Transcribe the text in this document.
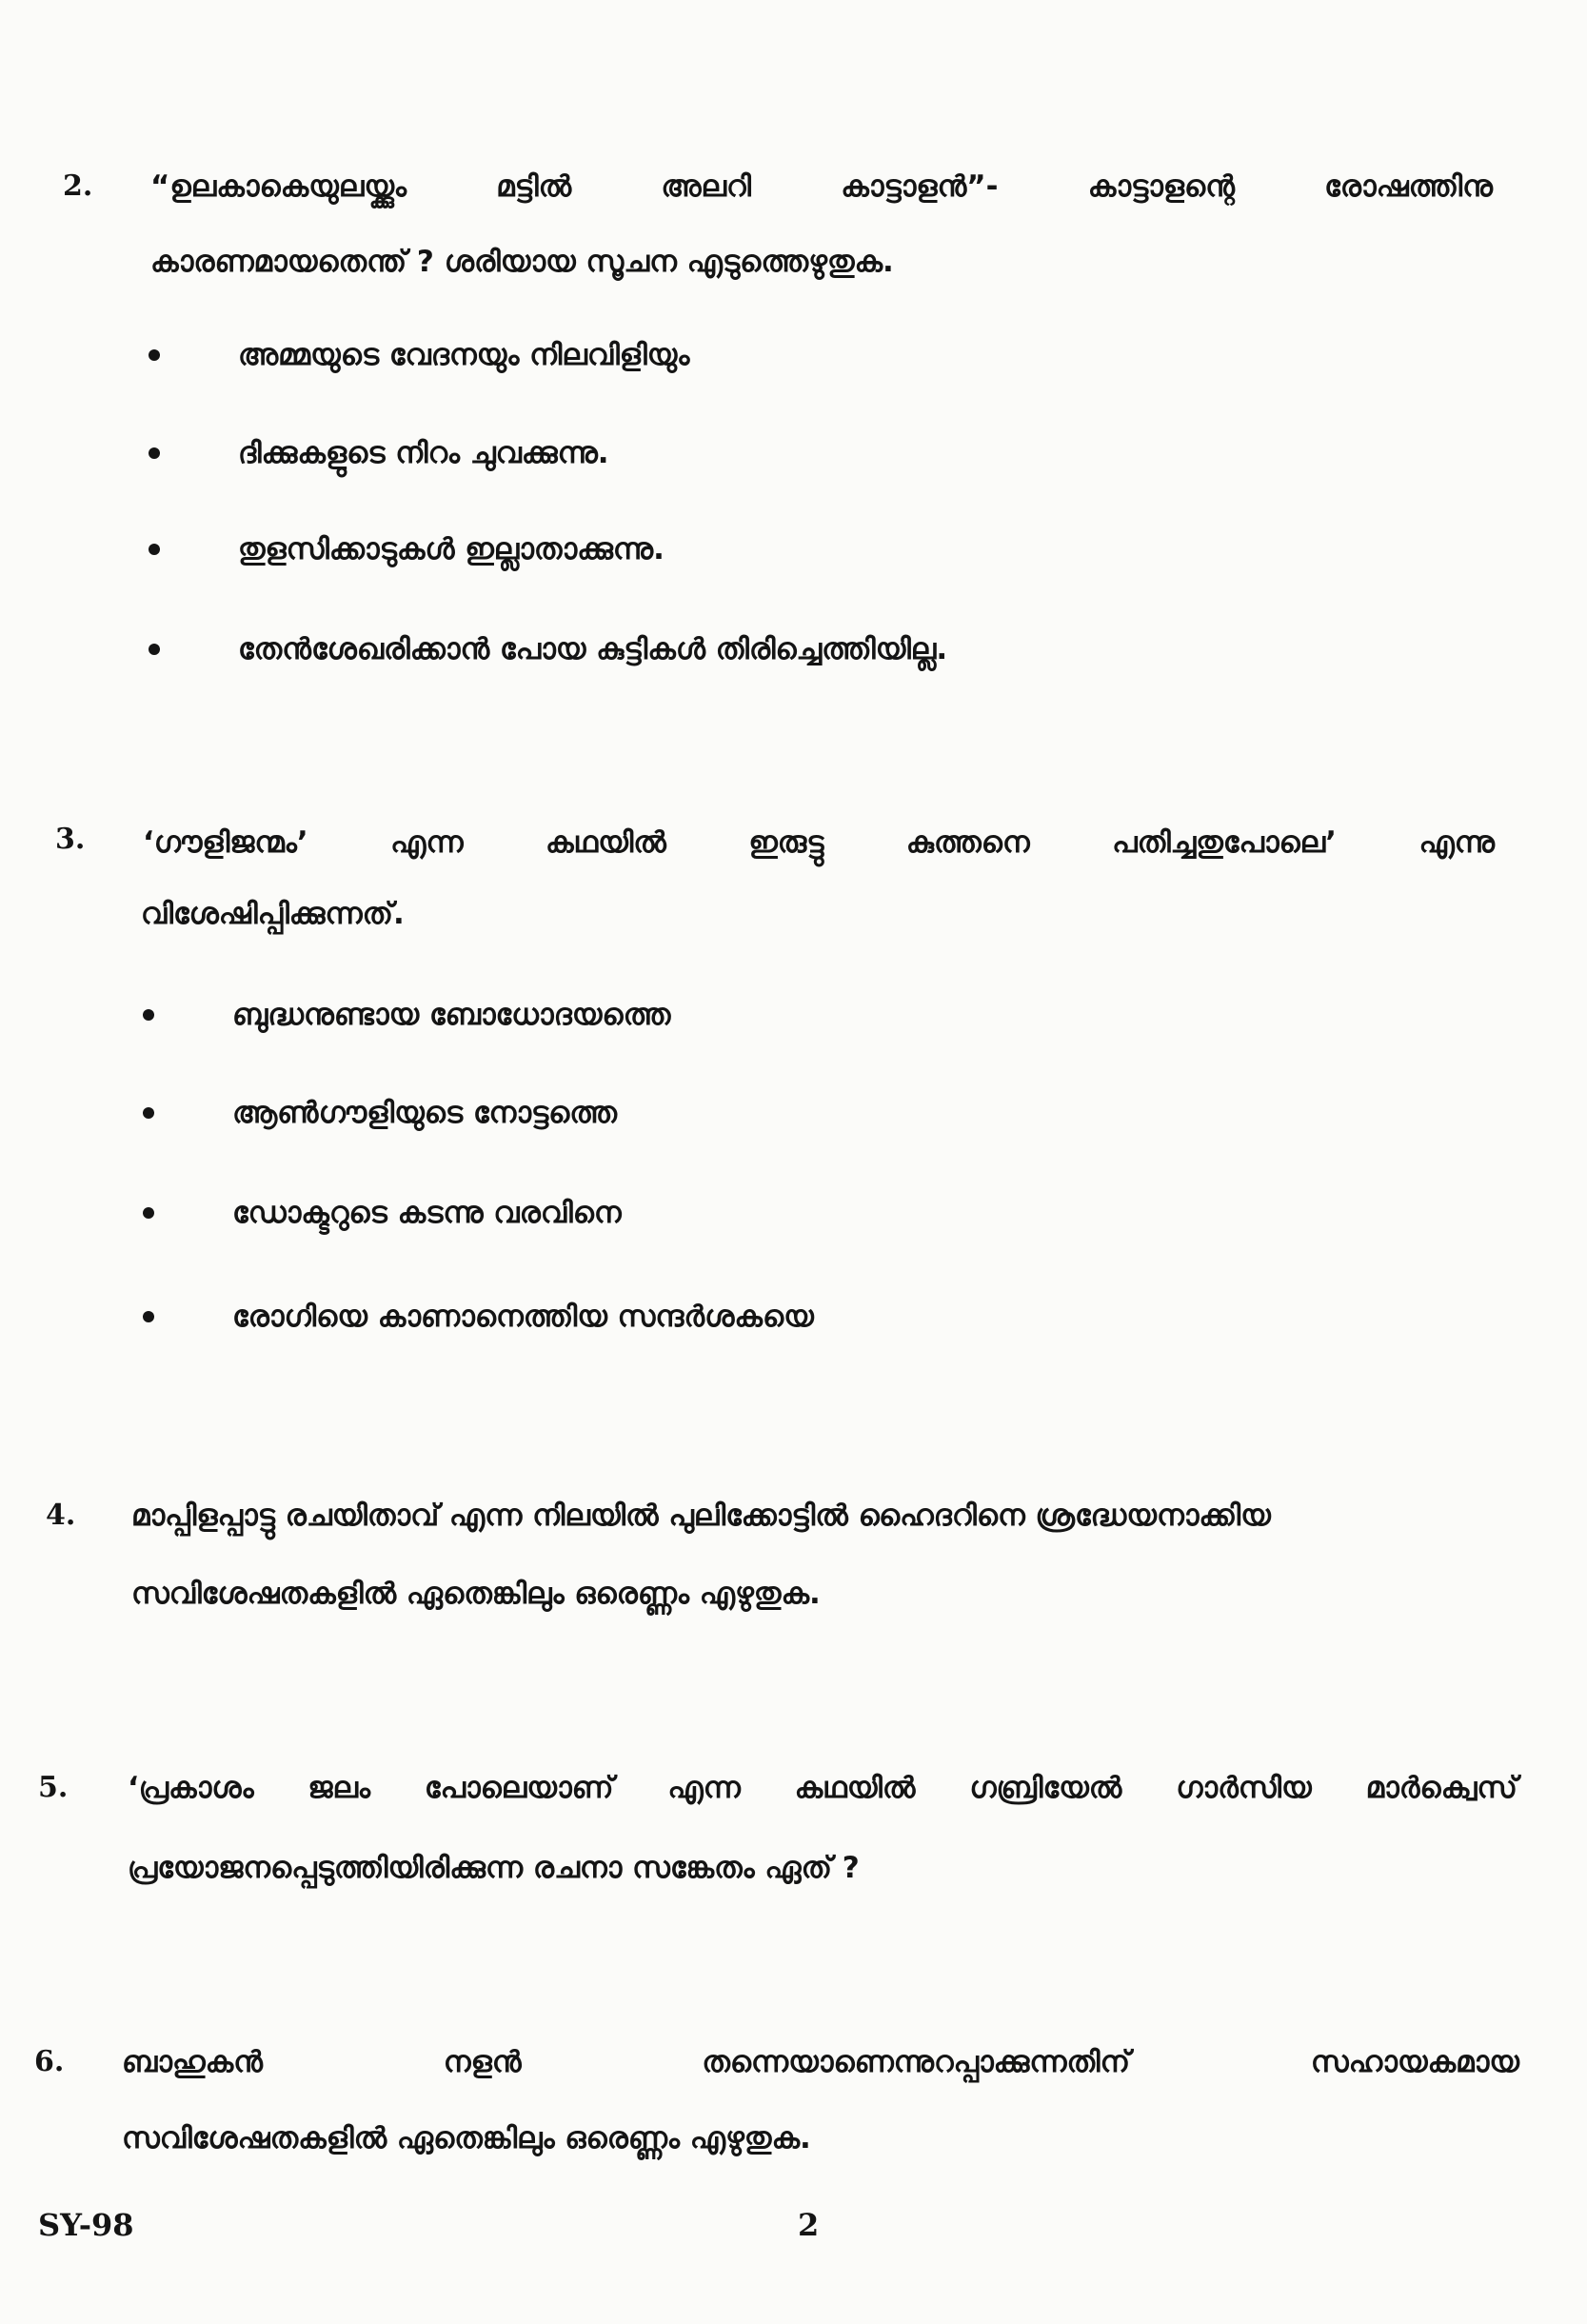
2. “ഉലകാകെയുലയ്ക്കും	മട്ടിൽ	അലറി	കാട്ടാളൻ”-	കാട്ടാളന്റെ	രോഷത്തിനു
കാരണമായതെന്ത് ? ശരിയായ സൂചന എടുത്തെഴുതുക.
അമ്മയുടെ വേദനയും നിലവിളിയും
ദിക്കുകളുടെ നിറം ചുവക്കുന്നു.
തുളസിക്കാടുകൾ ഇല്ലാതാക്കുന്നു.
തേൻശേഖരിക്കാൻ പോയ കുട്ടികൾ തിരിച്ചെത്തിയില്ല.
3. ‘ഗൗളിജന്മം’	എന്ന	കഥയിൽ	ഇരുട്ടു	കുത്തനെ	പതിച്ചതുപോലെ’	എന്നു
വിശേഷിപ്പിക്കുന്നത്.
ബുദ്ധനുണ്ടായ ബോധോദയത്തെ
ആൺഗൗളിയുടെ നോട്ടത്തെ
ഡോക്ടറുടെ കടന്നു വരവിനെ
രോഗിയെ കാണാനെത്തിയ സന്ദർശകയെ
4. മാപ്പിളപ്പാട്ടു രചയിതാവ് എന്ന നിലയിൽ പുലിക്കോട്ടിൽ ഹൈദറിനെ ശ്രദ്ധേയനാക്കിയ
സവിശേഷതകളിൽ ഏതെങ്കിലും ഒരെണ്ണം എഴുതുക.
5. ‘പ്രകാശം ജലം പോലെയാണ് എന്ന കഥയിൽ ഗബ്രിയേൽ ഗാർസിയ മാർക്വെസ്
പ്രയോജനപ്പെടുത്തിയിരിക്കുന്ന രചനാ സങ്കേതം ഏത് ?
6. ബാഹുകൻ	നളൻ	തന്നെയാണെന്നുറപ്പാക്കുന്നതിന്	സഹായകമായ
സവിശേഷതകളിൽ ഏതെങ്കിലും ഒരെണ്ണം എഴുതുക.
SY-98	2
